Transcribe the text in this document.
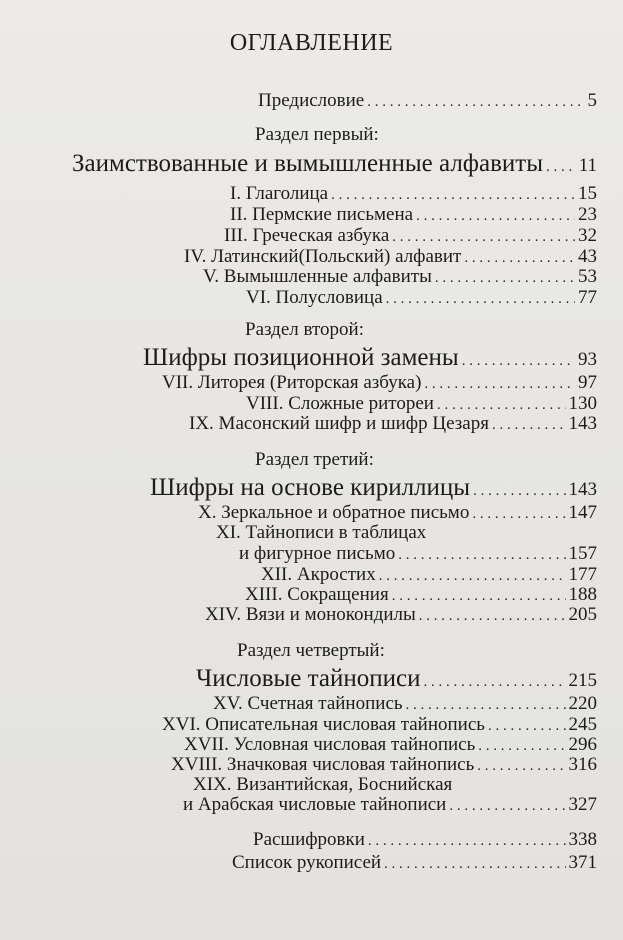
ОГЛАВЛЕНИЕ
Предисловие . . .	5
Раздел первый:
Заимствованные и вымышленные алфавиты . . . 11
I. Глаголица . . .	15
II. Пермские письмена . . .	23
III. Греческая азбука . . .	32
IV. Латинский(Польский) алфавит . . .	43
V. Вымышленные алфавиты . . .	53
VI. Полусловица . . .	77
Раздел второй:
Шифры позиционной замены . . .	93
VII. Литорея (Риторская азбука) . . .	97
VIII. Сложные ритореи . . .	130
IX. Масонский шифр и шифр Цезаря . . .	143
Раздел третий:
Шифры на основе кириллицы . . .	143
X. Зеркальное и обратное письмо . . .	147
XI. Тайнописи в таблицах
и фигурное письмо . . .	157
XII. Акростих . . .	177
XIII. Сокращения . . .	188
XIV. Вязи и монокондилы . . .	205
Раздел четвертый:
Числовые тайнописи . . .	215
XV. Счетная тайнопись . . .	220
XVI. Описательная числовая тайнопись . . .	245
XVII. Условная числовая тайнопись . . .	296
XVIII. Значковая числовая тайнопись . . .	316
XIX. Византийская, Боснийская
и Арабская числовые тайнописи . . .	327
Расшифровки . . .	338
Список рукописей . . .	371
